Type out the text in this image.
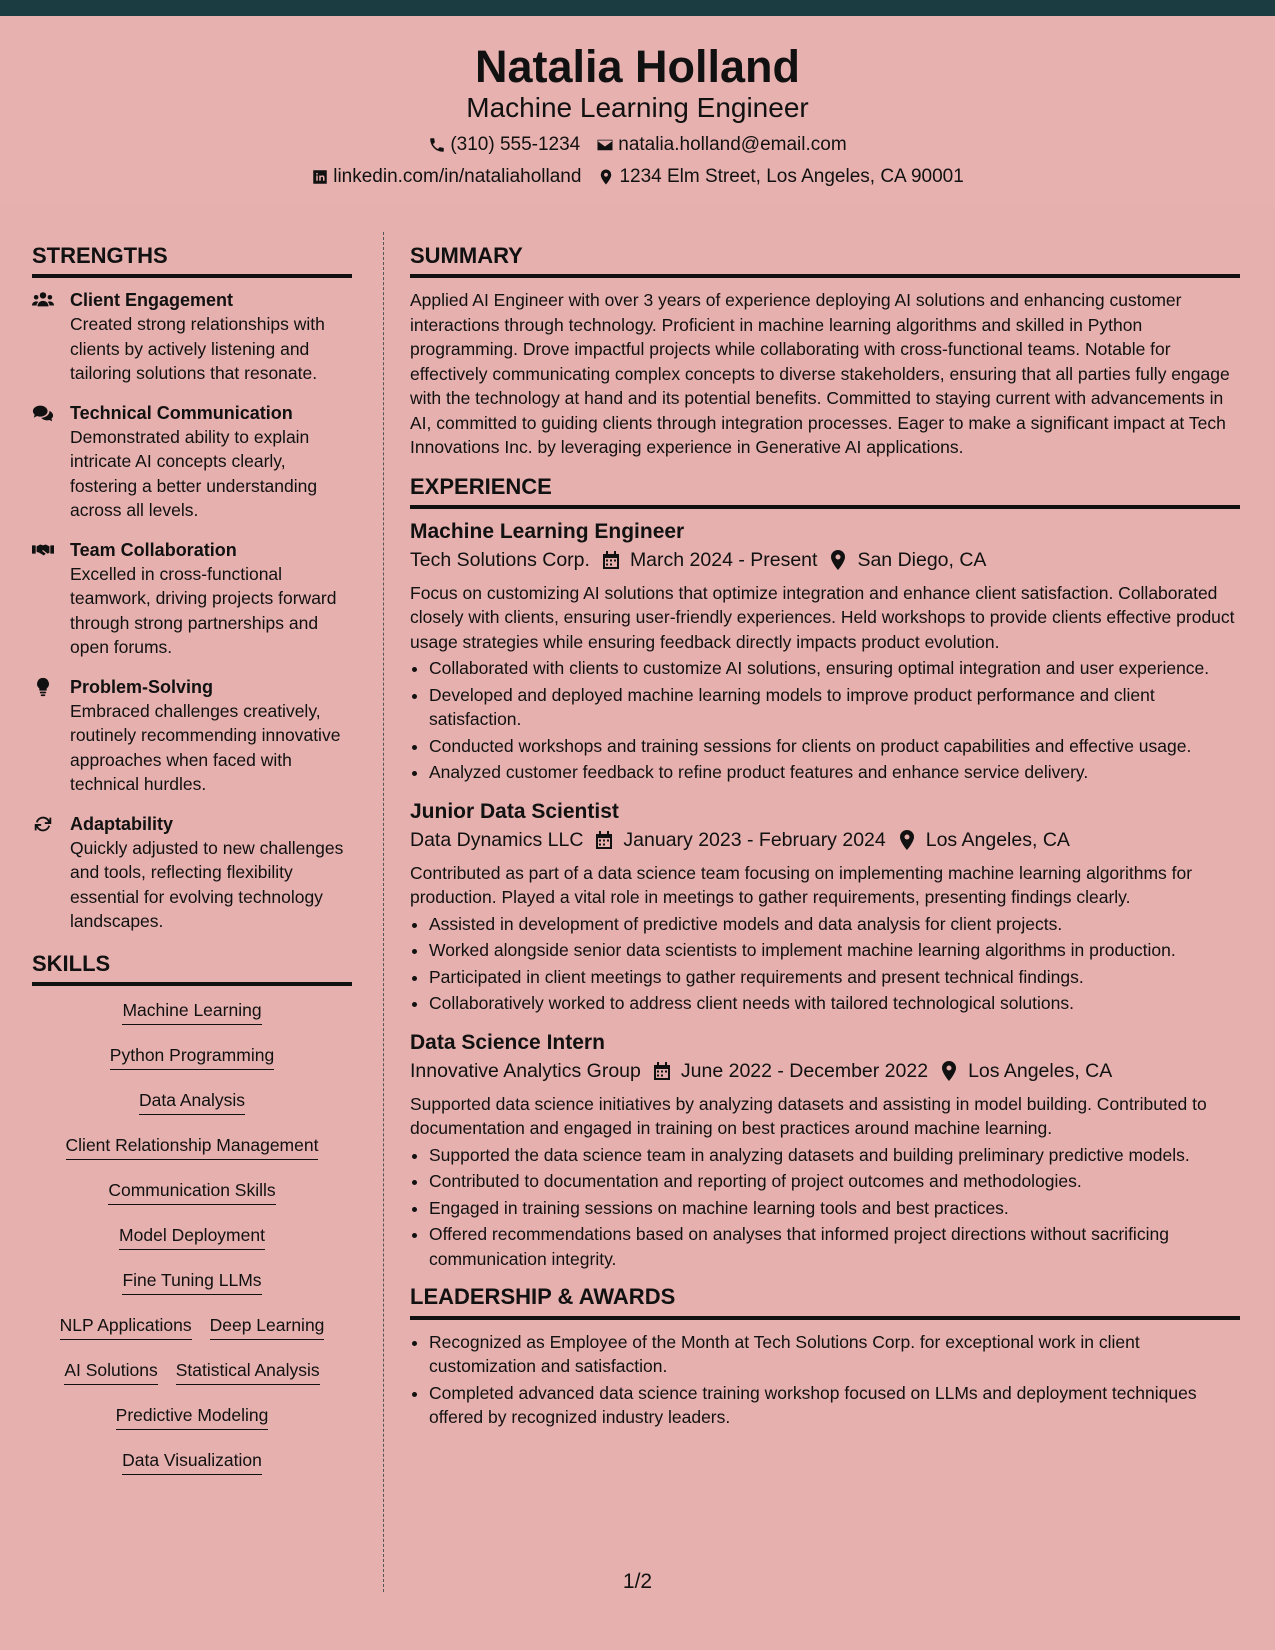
Natalia Holland
Machine Learning Engineer
(310) 555-1234 natalia.holland@email.com
linkedin.com/in/nataliaholland 1234 Elm Street, Los Angeles, CA 90001
STRENGTHS
Client Engagement
Created strong relationships with clients by actively listening and tailoring solutions that resonate.
Technical Communication
Demonstrated ability to explain intricate AI concepts clearly, fostering a better understanding across all levels.
Team Collaboration
Excelled in cross-functional teamwork, driving projects forward through strong partnerships and open forums.
Problem-Solving
Embraced challenges creatively, routinely recommending innovative approaches when faced with technical hurdles.
Adaptability
Quickly adjusted to new challenges and tools, reflecting flexibility essential for evolving technology landscapes.
SKILLS
Machine Learning
Python Programming
Data Analysis
Client Relationship Management
Communication Skills
Model Deployment
Fine Tuning LLMs
NLP Applications Deep Learning
AI Solutions Statistical Analysis
Predictive Modeling
Data Visualization
SUMMARY
Applied AI Engineer with over 3 years of experience deploying AI solutions and enhancing customer interactions through technology. Proficient in machine learning algorithms and skilled in Python programming. Drove impactful projects while collaborating with cross-functional teams. Notable for effectively communicating complex concepts to diverse stakeholders, ensuring that all parties fully engage with the technology at hand and its potential benefits. Committed to staying current with advancements in AI, committed to guiding clients through integration processes. Eager to make a significant impact at Tech Innovations Inc. by leveraging experience in Generative AI applications.
EXPERIENCE
Machine Learning Engineer
Tech Solutions Corp. March 2024 - Present San Diego, CA
Focus on customizing AI solutions that optimize integration and enhance client satisfaction. Collaborated closely with clients, ensuring user-friendly experiences. Held workshops to provide clients effective product usage strategies while ensuring feedback directly impacts product evolution.
• Collaborated with clients to customize AI solutions, ensuring optimal integration and user experience.
• Developed and deployed machine learning models to improve product performance and client satisfaction.
• Conducted workshops and training sessions for clients on product capabilities and effective usage.
• Analyzed customer feedback to refine product features and enhance service delivery.
Junior Data Scientist
Data Dynamics LLC January 2023 - February 2024 Los Angeles, CA
Contributed as part of a data science team focusing on implementing machine learning algorithms for production. Played a vital role in meetings to gather requirements, presenting findings clearly.
• Assisted in development of predictive models and data analysis for client projects.
• Worked alongside senior data scientists to implement machine learning algorithms in production.
• Participated in client meetings to gather requirements and present technical findings.
• Collaboratively worked to address client needs with tailored technological solutions.
Data Science Intern
Innovative Analytics Group June 2022 - December 2022 Los Angeles, CA
Supported data science initiatives by analyzing datasets and assisting in model building. Contributed to documentation and engaged in training on best practices around machine learning.
• Supported the data science team in analyzing datasets and building preliminary predictive models.
• Contributed to documentation and reporting of project outcomes and methodologies.
• Engaged in training sessions on machine learning tools and best practices.
• Offered recommendations based on analyses that informed project directions without sacrificing communication integrity.
LEADERSHIP & AWARDS
• Recognized as Employee of the Month at Tech Solutions Corp. for exceptional work in client customization and satisfaction.
• Completed advanced data science training workshop focused on LLMs and deployment techniques offered by recognized industry leaders.
1/2
